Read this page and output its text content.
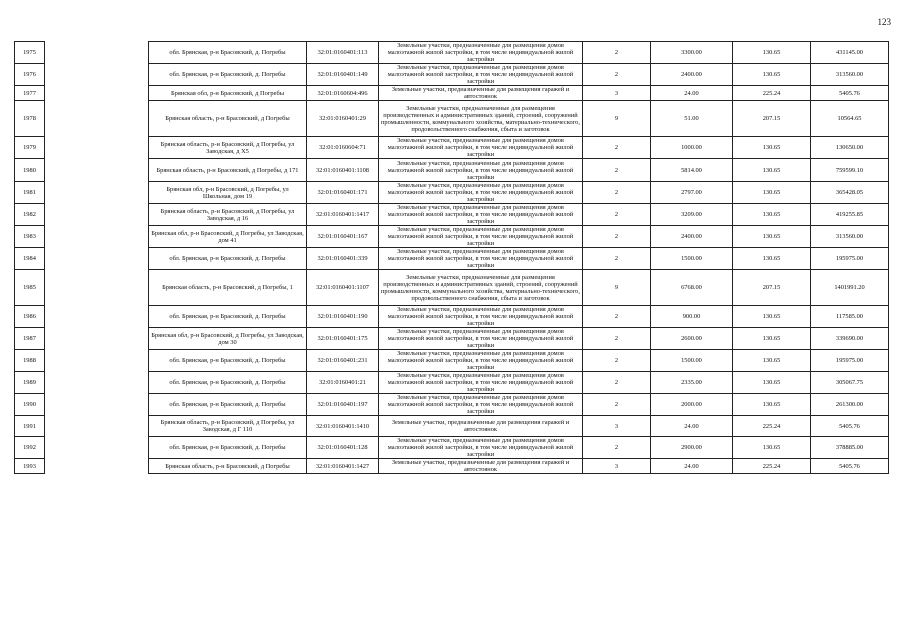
123
1975		обл. Брянская, р-н Брасовский, д. Погребы	32:01:0160401:113	Земельные участки, предназначенные для размещения домов малоэтажной жилой застройки, в том числе индивидуальной жилой застройки	2	3300.00	130.65	431145.00
1976		обл. Брянская, р-н Брасовский, д. Погребы	32:01:0160401:149	Земельные участки, предназначенные для размещения домов малоэтажной жилой застройки, в том числе индивидуальной жилой застройки	2	2400.00	130.65	313560.00
1977		Брянская обл, р-н Брасовский, д Погребы	32:01:0160604:496	Земельные участки, предназначенные для размещения гаражей и автостоянок	3	24.00	225.24	5405.76
1978		Брянская область, р-н Брасовский, д Погребы	32:01:0160401:29	Земельные участки, предназначенные для размещения производственных и административных зданий, строений, сооружений промышленности, коммунального хозяйства, материально-технического, продовольственного снабжения, сбыта и заготовок	9	51.00	207.15	10564.65
1979		Брянская область, р-н Брасовский, д Погребы, ул Заводская, д Х5	32:01:0160604:71	Земельные участки, предназначенные для размещения домов малоэтажной жилой застройки, в том числе индивидуальной жилой застройки	2	1000.00	130.65	130650.00
1980		Брянская область, р-н Брасовский, д Погребы, д 171	32:01:0160401:1108	Земельные участки, предназначенные для размещения домов малоэтажной жилой застройки, в том числе индивидуальной жилой застройки	2	5814.00	130.65	759599.10
1981		Брянская обл, р-н Брасовский, д Погребы, ул Школьная, дом 19	32:01:0160401:171	Земельные участки, предназначенные для размещения домов малоэтажной жилой застройки, в том числе индивидуальной жилой застройки	2	2797.00	130.65	365428.05
1982		Брянская область, р-н Брасовский, д Погребы, ул Заводская, д 16	32:01:0160401:1417	Земельные участки, предназначенные для размещения домов малоэтажной жилой застройки, в том числе индивидуальной жилой застройки	2	3209.00	130.65	419255.85
1983		Брянская обл, р-н Брасовский, д Погребы, ул Заводская, дом 41	32:01:0160401:167	Земельные участки, предназначенные для размещения домов малоэтажной жилой застройки, в том числе индивидуальной жилой застройки	2	2400.00	130.65	313560.00
1984		обл. Брянская, р-н Брасовский, д. Погребы	32:01:0160401:339	Земельные участки, предназначенные для размещения домов малоэтажной жилой застройки, в том числе индивидуальной жилой застройки	2	1500.00	130.65	195975.00
1985		Брянская область, р-н Брасовский, д Погребы, 1	32:01:0160401:1107	Земельные участки, предназначенные для размещения производственных и административных зданий, строений, сооружений промышленности, коммунального хозяйства, материально-технического, продовольственного снабжения, сбыта и заготовок	9	6768.00	207.15	1401991.20
1986		обл. Брянская, р-н Брасовский, д. Погребы	32:01:0160401:190	Земельные участки, предназначенные для размещения домов малоэтажной жилой застройки, в том числе индивидуальной жилой застройки	2	900.00	130.65	117585.00
1987		Брянская обл, р-н Брасовский, д Погребы, ул Заводская, дом 30	32:01:0160401:175	Земельные участки, предназначенные для размещения домов малоэтажной жилой застройки, в том числе индивидуальной жилой застройки	2	2600.00	130.65	339690.00
1988		обл. Брянская, р-н Брасовский, д. Погребы	32:01:0160401:231	Земельные участки, предназначенные для размещения домов малоэтажной жилой застройки, в том числе индивидуальной жилой застройки	2	1500.00	130.65	195975.00
1989		обл. Брянская, р-н Брасовский, д. Погребы	32:01:0160401:21	Земельные участки, предназначенные для размещения домов малоэтажной жилой застройки, в том числе индивидуальной жилой застройки	2	2335.00	130.65	305067.75
1990		обл. Брянская, р-н Брасовский, д. Погребы	32:01:0160401:197	Земельные участки, предназначенные для размещения домов малоэтажной жилой застройки, в том числе индивидуальной жилой застройки	2	2000.00	130.65	261300.00
1991		Брянская область, р-н Брасовский, д Погребы, ул Заводская, д Г 110	32:01:0160401:1410	Земельные участки, предназначенные для размещения гаражей и автостоянок	3	24.00	225.24	5405.76
1992		обл. Брянская, р-н Брасовский, д. Погребы	32:01:0160401:128	Земельные участки, предназначенные для размещения домов малоэтажной жилой застройки, в том числе индивидуальной жилой застройки	2	2900.00	130.65	378885.00
1993		Брянская область, р-н Брасовский, д Погребы	32:01:0160401:1427	Земельные участки, предназначенные для размещения гаражей и автостоянок	3	24.00	225.24	5405.76
